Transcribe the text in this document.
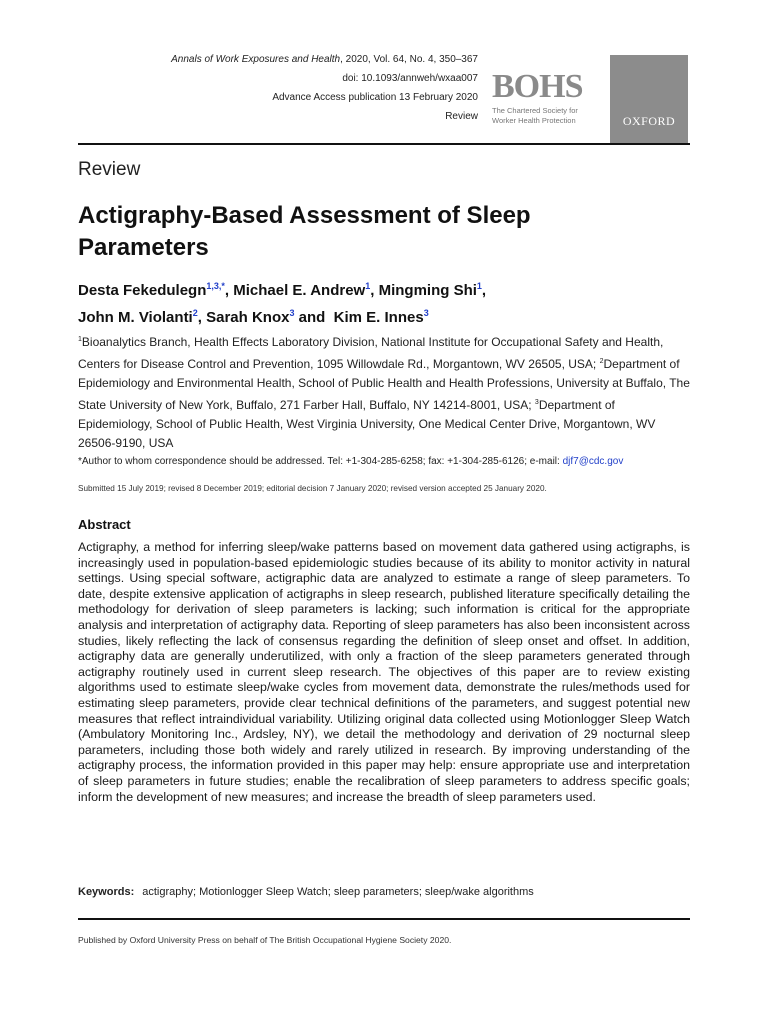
Annals of Work Exposures and Health, 2020, Vol. 64, No. 4, 350–367
doi: 10.1093/annweh/wxaa007
Advance Access publication 13 February 2020
Review
BOHS
The Chartered Society for
Worker Health Protection	OXFORD
Review
Actigraphy-Based Assessment of Sleep Parameters
Desta Fekedulegn$^{1,3,*}$, Michael E. Andrew$^1$, Mingming Shi$^1$,
John M. Violanti$^2$, Sarah Knox$^3$ and  Kim E. Innes$^3$
$^1$Bioanalytics Branch, Health Effects Laboratory Division, National Institute for Occupational Safety and Health, Centers for Disease Control and Prevention, 1095 Willowdale Rd., Morgantown, WV 26505, USA; $^2$Department of Epidemiology and Environmental Health, School of Public Health and Health Professions, University at Buffalo, The State University of New York, Buffalo, 271 Farber Hall, Buffalo, NY 14214-8001, USA; $^3$Department of Epidemiology, School of Public Health, West Virginia University, One Medical Center Drive, Morgantown, WV 26506-9190, USA
*Author to whom correspondence should be addressed. Tel: +1-304-285-6258; fax: +1-304-285-6126; e-mail: djf7@cdc.gov
Submitted 15 July 2019; revised 8 December 2019; editorial decision 7 January 2020; revised version accepted 25 January 2020.
Abstract
Actigraphy, a method for inferring sleep/wake patterns based on movement data gathered using actigraphs, is increasingly used in population-based epidemiologic studies because of its ability to monitor activity in natural settings. Using special software, actigraphic data are analyzed to estimate a range of sleep parameters. To date, despite extensive application of actigraphs in sleep research, published literature specifically detailing the methodology for derivation of sleep parameters is lacking; such information is critical for the appropriate analysis and interpretation of actigraphy data. Reporting of sleep parameters has also been inconsistent across studies, likely reflecting the lack of consensus regarding the definition of sleep onset and offset. In addition, actigraphy data are generally underutilized, with only a fraction of the sleep parameters generated through actigraphy routinely used in current sleep research. The objectives of this paper are to review existing algorithms used to estimate sleep/wake cycles from movement data, demonstrate the rules/methods used for estimating sleep parameters, provide clear technical definitions of the parameters, and suggest potential new measures that reflect intraindividual variability. Utilizing original data collected using Motionlogger Sleep Watch (Ambulatory Monitoring Inc., Ardsley, NY), we detail the methodology and derivation of 29 nocturnal sleep parameters, including those both widely and rarely utilized in research. By improving understanding of the actigraphy process, the information provided in this paper may help: ensure appropriate use and interpretation of sleep parameters in future studies; enable the recalibration of sleep parameters to address specific goals; inform the development of new measures; and increase the breadth of sleep parameters used.
Keywords: actigraphy; Motionlogger Sleep Watch; sleep parameters; sleep/wake algorithms
Published by Oxford University Press on behalf of The British Occupational Hygiene Society 2020.
